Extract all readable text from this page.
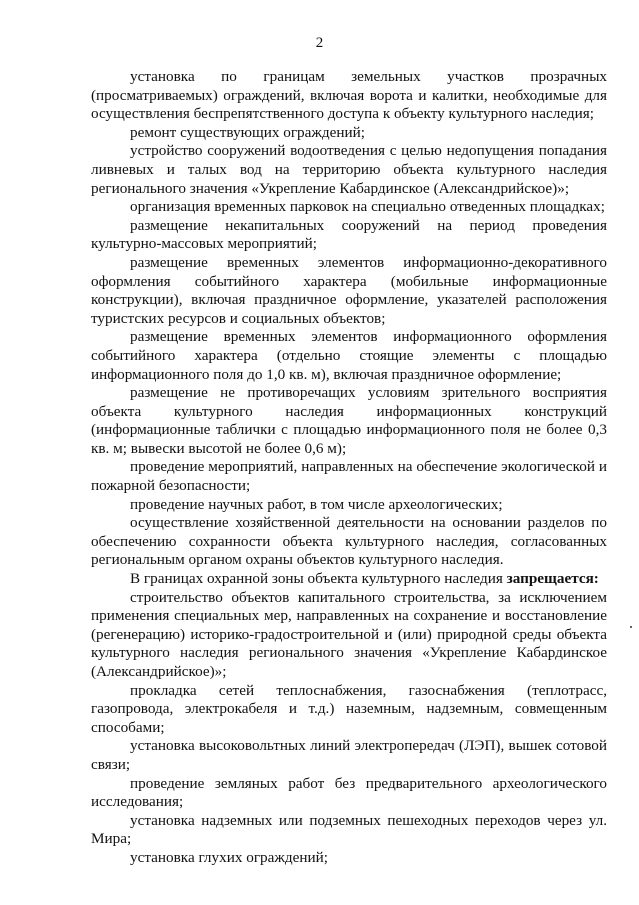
2

установка по границам земельных участков прозрачных (просматриваемых) ограждений, включая ворота и калитки, необходимые для осуществления беспрепятственного доступа к объекту культурного наследия;

ремонт существующих ограждений;

устройство сооружений водоотведения с целью недопущения попадания ливневых и талых вод на территорию объекта культурного наследия регионального значения «Укрепление Кабардинское (Александрийское)»;

организация временных парковок на специально отведенных площадках;

размещение некапитальных сооружений на период проведения культурно-массовых мероприятий;

размещение временных элементов информационно-декоративного оформления событийного характера (мобильные информационные конструкции), включая праздничное оформление, указателей расположения туристских ресурсов и социальных объектов;

размещение временных элементов информационного оформления событийного характера (отдельно стоящие элементы с площадью информационного поля до 1,0 кв. м), включая праздничное оформление;

размещение не противоречащих условиям зрительного восприятия объекта культурного наследия информационных конструкций (информационные таблички с площадью информационного поля не более 0,3 кв. м; вывески высотой не более 0,6 м);

проведение мероприятий, направленных на обеспечение экологической и пожарной безопасности;

проведение научных работ, в том числе археологических;

осуществление хозяйственной деятельности на основании разделов по обеспечению сохранности объекта культурного наследия, согласованных региональным органом охраны объектов культурного наследия.

В границах охранной зоны объекта культурного наследия запрещается:

строительство объектов капитального строительства, за исключением применения специальных мер, направленных на сохранение и восстановление (регенерацию) историко-градостроительной и (или) природной среды объекта культурного наследия регионального значения «Укрепление Кабардинское (Александрийское)»;

прокладка сетей теплоснабжения, газоснабжения (теплотрасс, газопровода, электрокабеля и т.д.) наземным, надземным, совмещенным способами;

установка высоковольтных линий электропередач (ЛЭП), вышек сотовой связи;

проведение земляных работ без предварительного археологического исследования;

установка надземных или подземных пешеходных переходов через ул. Мира;

установка глухих ограждений;
